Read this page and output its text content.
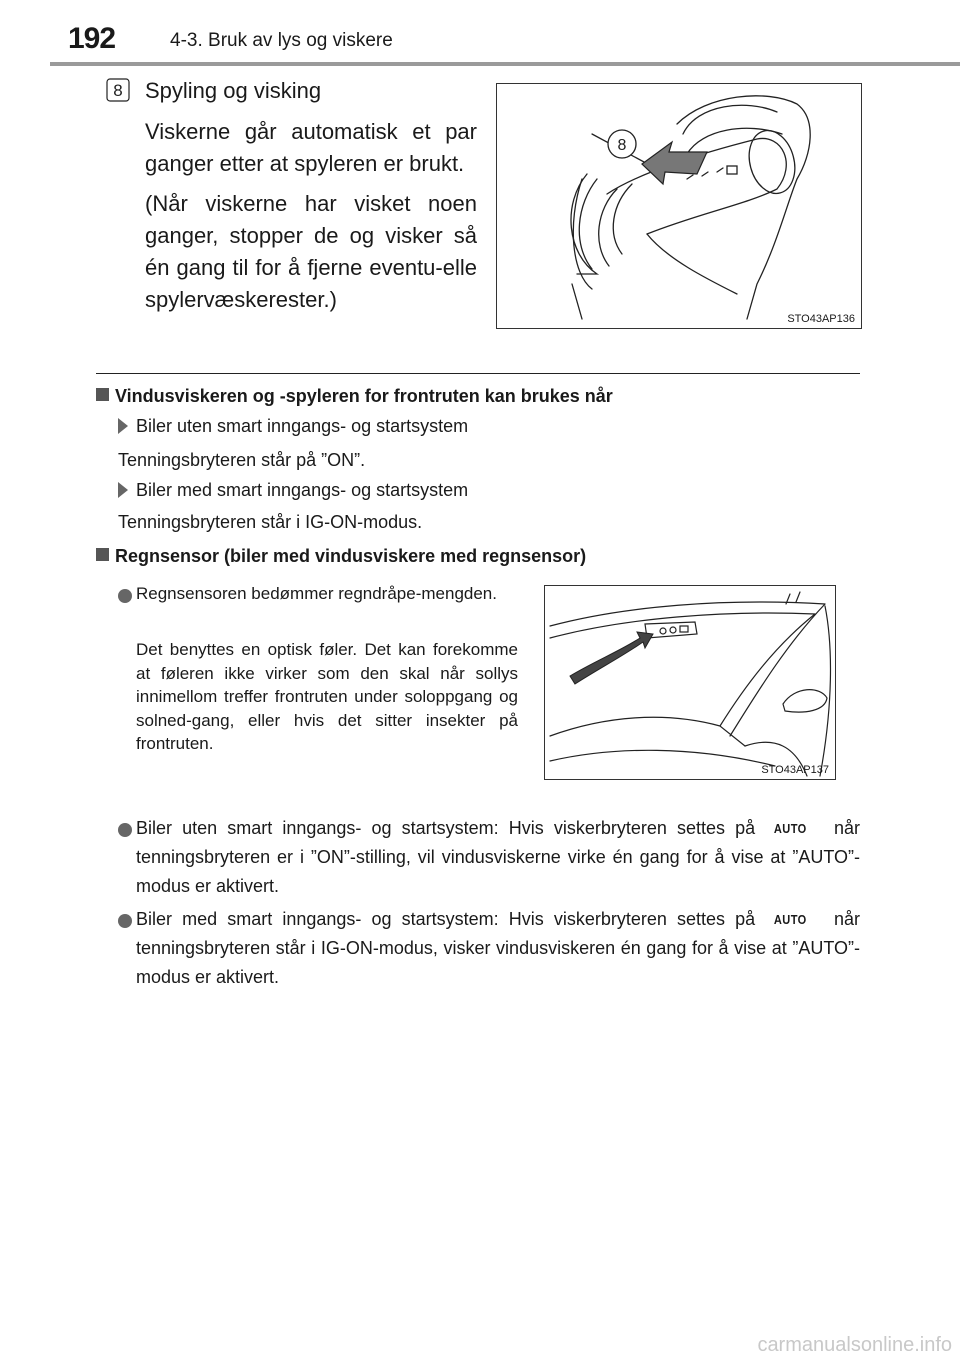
192	4-3. Bruk av lys og viskere
8 Spyling og visking

Viskerne går automatisk et par ganger etter at spyleren er brukt.

(Når viskerne har visket noen ganger, stopper de og visker så én gang til for å fjerne eventu-elle spylervæskerester.)

8
STO43AP136
Vindusviskeren og -spyleren for frontruten kan brukes når
Biler uten smart inngangs- og startsystem
Tenningsbryteren står på ”ON”.
Biler med smart inngangs- og startsystem
Tenningsbryteren står i IG-ON-modus.
Regnsensor (biler med vindusviskere med regnsensor)
Regnsensoren bedømmer regndråpe-mengden.
Det benyttes en optisk føler. Det kan forekomme at føleren ikke virker som den skal når sollys innimellom treffer frontruten under soloppgang og solned-gang, eller hvis det sitter insekter på frontruten.
STO43AP137
Biler uten smart inngangs- og startsystem: Hvis viskerbryteren settes på AUTO når tenningsbryteren er i ”ON”-stilling, vil vindusviskerne virke én gang for å vise at ”AUTO”-modus er aktivert.
Biler med smart inngangs- og startsystem: Hvis viskerbryteren settes på AUTO når tenningsbryteren står i IG-ON-modus, visker vindusviskeren én gang for å vise at ”AUTO”-modus er aktivert.
carmanualsonline.info
